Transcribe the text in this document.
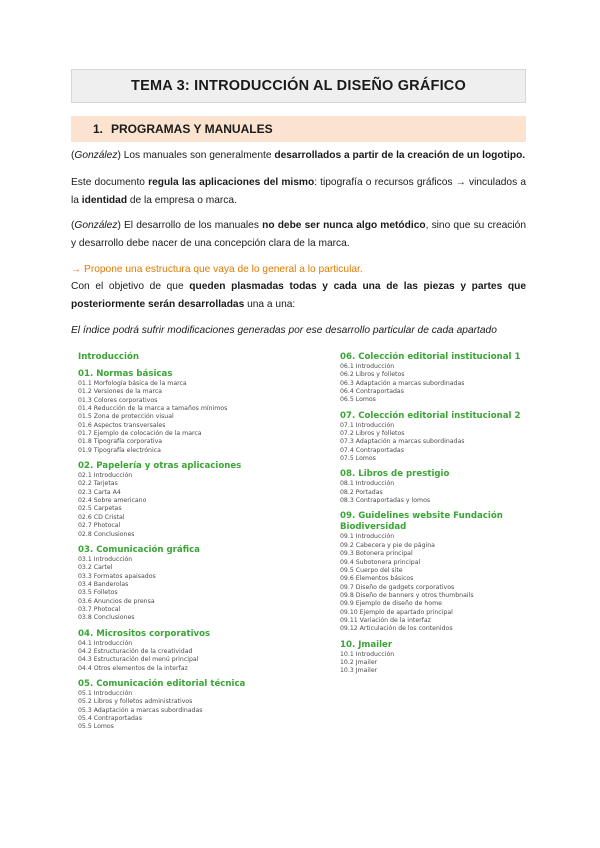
TEMA 3: INTRODUCCIÓN AL DISEÑO GRÁFICO
1. PROGRAMAS Y MANUALES
(González) Los manuales son generalmente desarrollados a partir de la creación de un logotipo.
Este documento regula las aplicaciones del mismo: tipografía o recursos gráficos → vinculados a la identidad de la empresa o marca.
(González) El desarrollo de los manuales no debe ser nunca algo metódico, sino que su creación y desarrollo debe nacer de una concepción clara de la marca.
→ Propone una estructura que vaya de lo general a lo particular.
Con el objetivo de que queden plasmadas todas y cada una de las piezas y partes que posteriormente serán desarrolladas una a una:
El índice podrá sufrir modificaciones generadas por ese desarrollo particular de cada apartado
Introducción
01. Normas básicas
01.1 Morfología básica de la marca
01.2 Versiones de la marca
01.3 Colores corporativos
01.4 Reducción de la marca a tamaños mínimos
01.5 Zona de protección visual
01.6 Aspectos transversales
01.7 Ejemplo de colocación de la marca
01.8 Tipografía corporativa
01.9 Tipografía electrónica
02. Papelería y otras aplicaciones
02.1 Introducción
02.2 Tarjetas
02.3 Carta A4
02.4 Sobre americano
02.5 Carpetas
02.6 CD Cristal
02.7 Photocal
02.8 Conclusiones
03. Comunicación gráfica
03.1 Introducción
03.2 Cartel
03.3 Formatos apaisados
03.4 Banderolas
03.5 Folletos
03.6 Anuncios de prensa
03.7 Photocal
03.8 Conclusiones
04. Micrositos corporativos
04.1 Introducción
04.2 Estructuración de la creatividad
04.3 Estructuración del menú principal
04.4 Otros elementos de la interfaz
05. Comunicación editorial técnica
05.1 Introducción
05.2 Libros y folletos administrativos
05.3 Adaptación a marcas subordinadas
05.4 Contraportadas
05.5 Lomos
06. Colección editorial institucional 1
06.1 Introducción
06.2 Libros y folletos
06.3 Adaptación a marcas subordinadas
06.4 Contraportadas
06.5 Lomos
07. Colección editorial institucional 2
07.1 Introducción
07.2 Libros y folletos
07.3 Adaptación a marcas subordinadas
07.4 Contraportadas
07.5 Lomos
08. Libros de prestigio
08.1 Introducción
08.2 Portadas
08.3 Contraportadas y lomos
09. Guidelines website Fundación Biodiversidad
09.1 Introducción
09.2 Cabecera y pie de página
09.3 Botonera principal
09.4 Subotonera principal
09.5 Cuerpo del site
09.6 Elementos básicos
09.7 Diseño de gadgets corporativos
09.8 Diseño de banners y otros thumbnails
09.9 Ejemplo de diseño de home
09.10 Ejemplo de apartado principal
09.11 Variación de la interfaz
09.12 Articulación de los contenidos
10. Jmailer
10.1 Introducción
10.2 Jmailer
10.3 Jmailer
